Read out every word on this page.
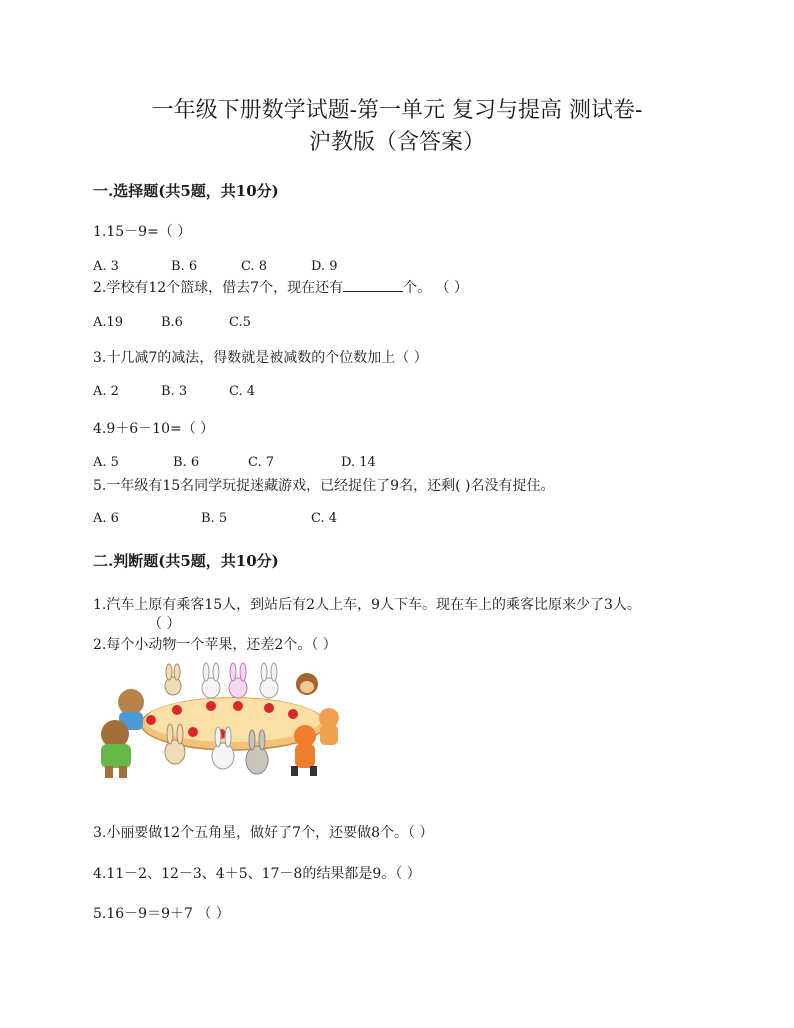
一年级下册数学试题-第一单元 复习与提高 测试卷-
沪教版（含答案）
一.选择题(共5题，共10分)
1.15－9=（ ）
A. 3	B. 6	C. 8	D. 9
2.学校有12个篮球，借去7个，现在还有	个。 （ ）
A.19	B.6	C.5
3.十几减7的减法，得数就是被减数的个位数加上（ ）
A. 2	B. 3	C. 4
4.9＋6－10=（ ）
A. 5	B. 6	C. 7	D. 14
5.一年级有15名同学玩捉迷藏游戏，已经捉住了9名，还剩( )名没有捉住。
A. 6	B. 5	C. 4
二.判断题(共5题，共10分)
1.汽车上原有乘客15人，到站后有2人上车，9人下车。现在车上的乘客比原来少了3人。
（ ）
2.每个小动物一个苹果，还差2个。（ ）
3.小丽要做12个五角星，做好了7个，还要做8个。（ ）
4.11－2、12－3、4＋5、17－8的结果都是9。（ ）
5.16－9＝9＋7 （ ）
